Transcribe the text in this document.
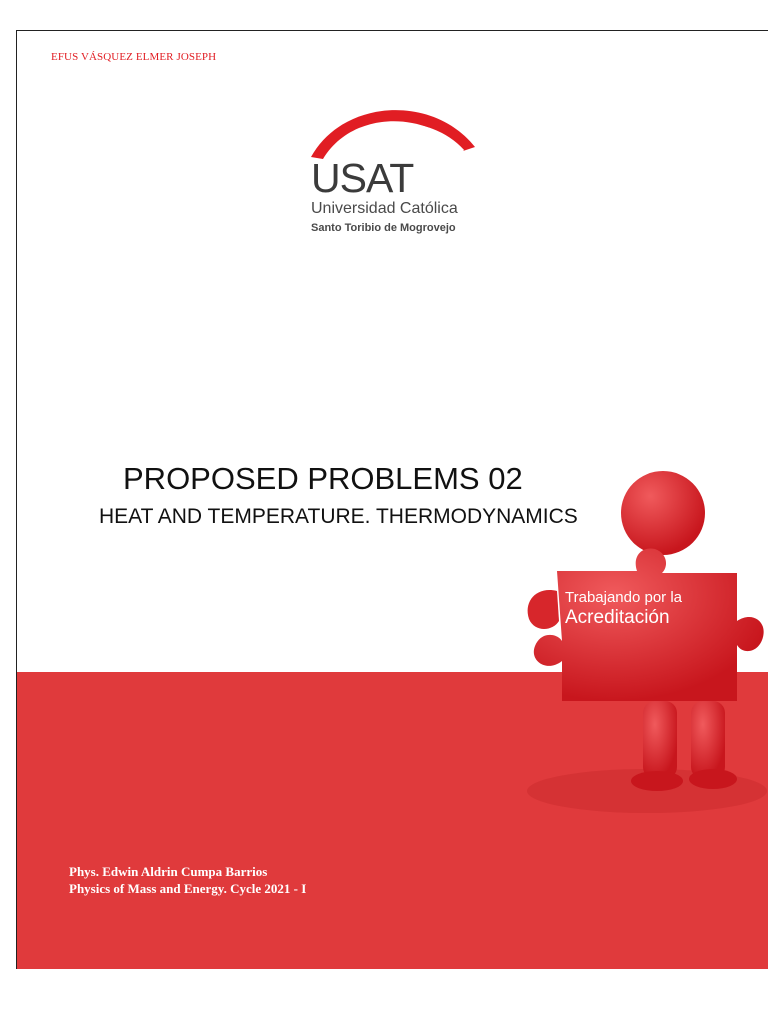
EFUS VÁSQUEZ ELMER JOSEPH
USAT
Universidad Católica
Santo Toribio de Mogrovejo
PROPOSED PROBLEMS 02
HEAT AND TEMPERATURE. THERMODYNAMICS
Trabajando por la
Acreditación
Phys. Edwin Aldrin Cumpa Barrios
Physics of Mass and Energy. Cycle 2021 - I
